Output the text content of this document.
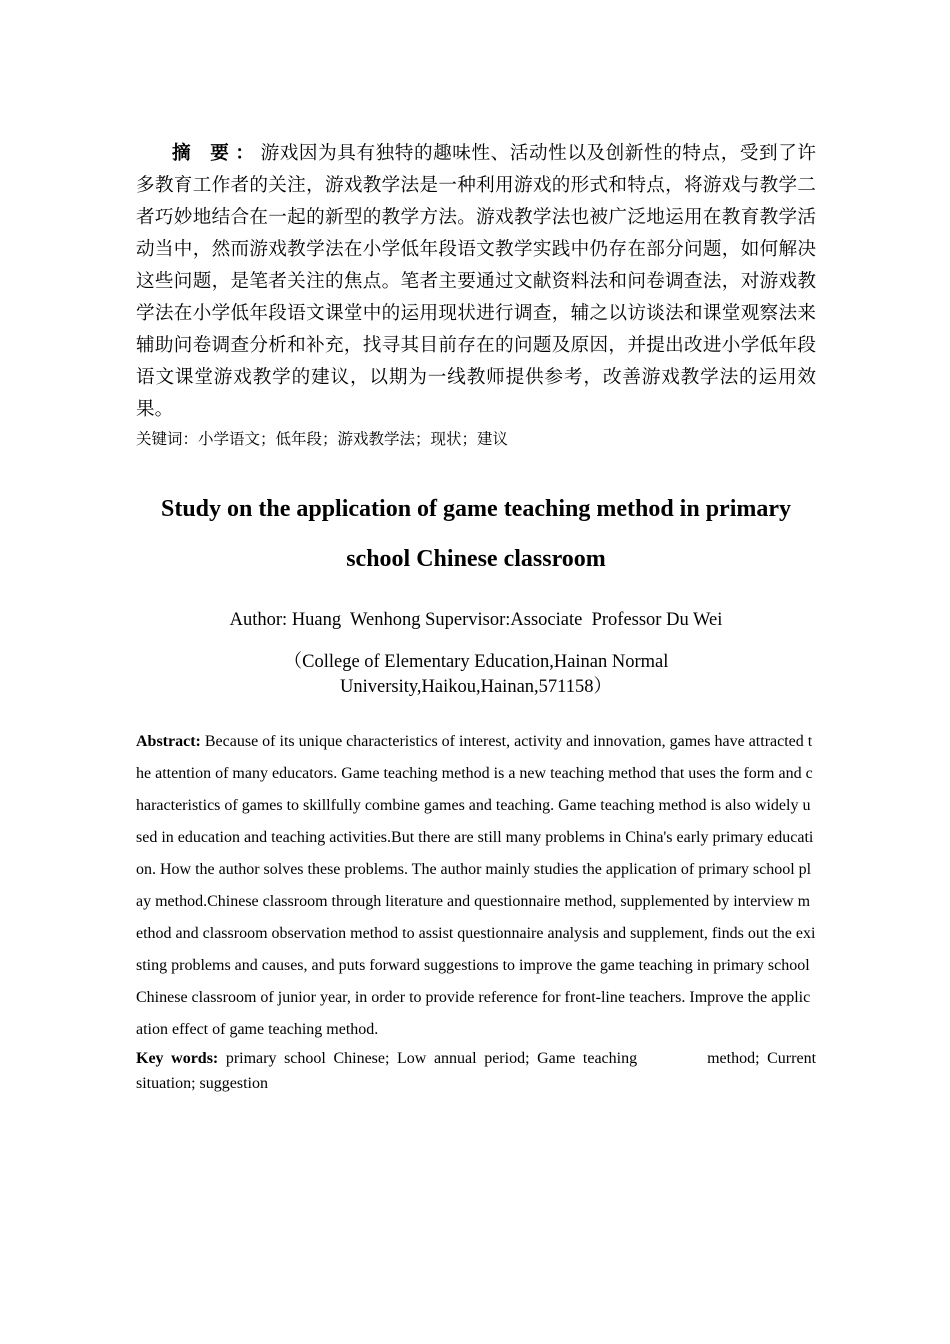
摘 要：游戏因为具有独特的趣味性、活动性以及创新性的特点，受到了许多教育工作者的关注，游戏教学法是一种利用游戏的形式和特点，将游戏与教学二者巧妙地结合在一起的新型的教学方法。游戏教学法也被广泛地运用在教育教学活动当中，然而游戏教学法在小学低年段语文教学实践中仍存在部分问题，如何解决这些问题，是笔者关注的焦点。笔者主要通过文献资料法和问卷调查法，对游戏教学法在小学低年段语文课堂中的运用现状进行调查，辅之以访谈法和课堂观察法来辅助问卷调查分析和补充，找寻其目前存在的问题及原因，并提出改进小学低年段语文课堂游戏教学的建议，以期为一线教师提供参考，改善游戏教学法的运用效果。

关键词：小学语文；低年段；游戏教学法；现状；建议

Study on the application of game teaching method in primary
school Chinese classroom

Author: Huang  Wenhong Supervisor:Associate  Professor Du Wei

（College of Elementary Education,Hainan Normal University,Haikou,Hainan,571158）

Abstract: Because of its unique characteristics of interest, activity and innovation, games have attracted the attention of many educators. Game teaching method is a new teaching method that uses the form and characteristics of games to skillfully combine games and teaching. Game teaching method is also widely used in education and teaching activities.But there are still many problems in China's early primary education. How the author solves these problems. The author mainly studies the application of primary school play method.Chinese classroom through literature and questionnaire method, supplemented by interview method and classroom observation method to assist questionnaire analysis and supplement, finds out the existing problems and causes, and puts forward suggestions to improve the game teaching in primary school Chinese classroom of junior year, in order to provide reference for front-line teachers. Improve the application effect of game teaching method.

Key words: primary school Chinese; Low annual period; Game teaching	method; Current situation; suggestion
